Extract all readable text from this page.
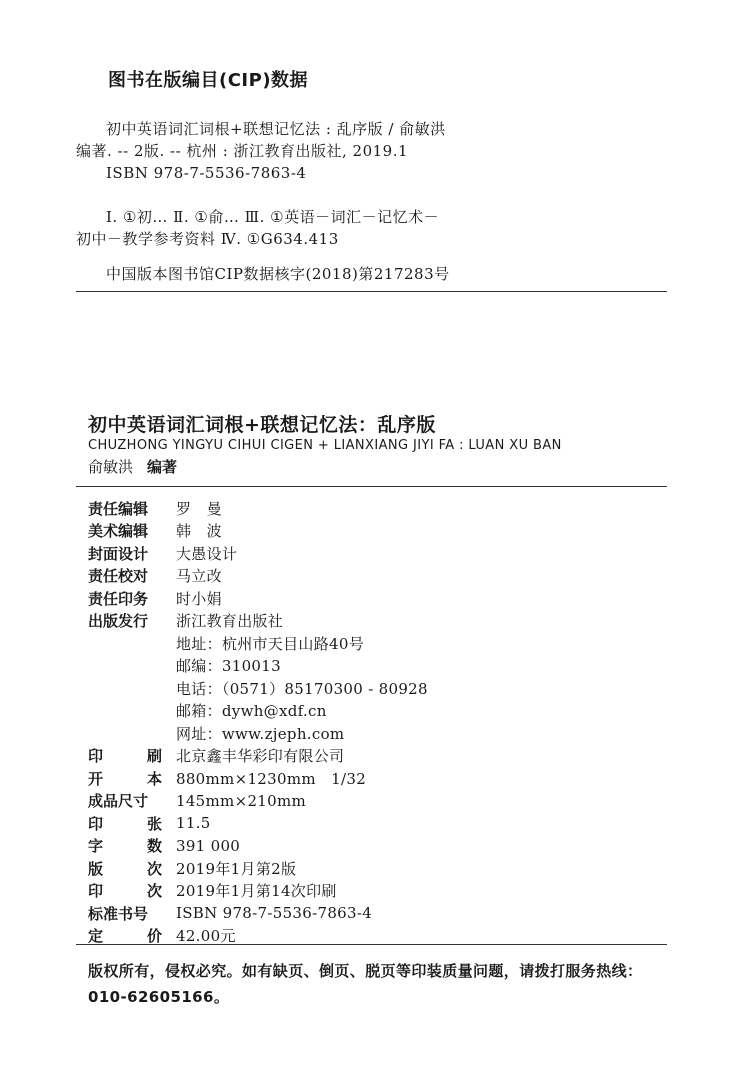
图书在版编目(CIP)数据
初中英语词汇词根+联想记忆法 : 乱序版 / 俞敏洪
编著. -- 2版. -- 杭州 : 浙江教育出版社, 2019.1
ISBN 978-7-5536-7863-4
Ⅰ. ①初… Ⅱ. ①俞… Ⅲ. ①英语－词汇－记忆术－
初中－教学参考资料 Ⅳ. ①G634.413
中国版本图书馆CIP数据核字(2018)第217283号
初中英语词汇词根+联想记忆法：乱序版
CHUZHONG YINGYU CIHUI CIGEN + LIANXIANG JIYI FA : LUAN XU BAN
俞敏洪 编著
责任编辑	罗　曼
美术编辑	韩　波
封面设计	大愚设计
责任校对	马立改
责任印务	时小娟
出版发行	浙江教育出版社
地址：杭州市天目山路40号
邮编：310013
电话：（0571）85170300 - 80928
邮箱：dywh@xdf.cn
网址：www.zjeph.com
印	刷 北京鑫丰华彩印有限公司
开	本 880mm×1230mm　1/32
成品尺寸	145mm×210mm
印	张 11.5
字	数 391 000
版	次 2019年1月第2版
印	次 2019年1月第14次印刷
标准书号	ISBN 978-7-5536-7863-4
定	价 42.00元
版权所有，侵权必究。如有缺页、倒页、脱页等印装质量问题，请拨打服务热线：010-62605166。
